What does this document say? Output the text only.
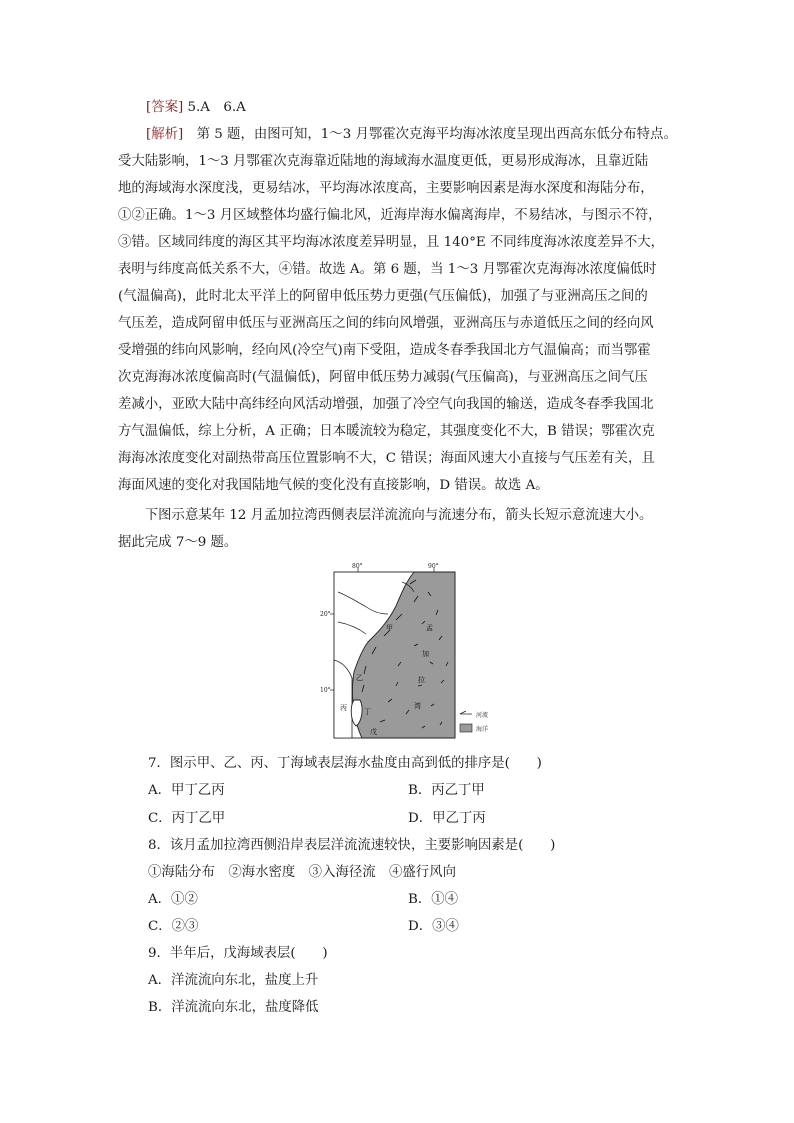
[答案] 5.A　6.A
[解析]　第 5 题，由图可知，1～3 月鄂霍次克海平均海冰浓度呈现出西高东低分布特点。
受大陆影响，1～3 月鄂霍次克海靠近陆地的海域海水温度更低，更易形成海冰，且靠近陆
地的海域海水深度浅，更易结冰，平均海冰浓度高，主要影响因素是海水深度和海陆分布，
①②正确。1～3 月区域整体均盛行偏北风，近海岸海水偏离海岸，不易结冰，与图示不符，
③错。区域同纬度的海区其平均海冰浓度差异明显，且 140°E 不同纬度海冰浓度差异不大，
表明与纬度高低关系不大，④错。故选 A。第 6 题，当 1～3 月鄂霍次克海海冰浓度偏低时
(气温偏高)，此时北太平洋上的阿留申低压势力更强(气压偏低)，加强了与亚洲高压之间的
气压差，造成阿留申低压与亚洲高压之间的纬向风增强，亚洲高压与赤道低压之间的经向风
受增强的纬向风影响，经向风(冷空气)南下受阻，造成冬春季我国北方气温偏高；而当鄂霍
次克海海冰浓度偏高时(气温偏低)，阿留申低压势力减弱(气压偏高)，与亚洲高压之间气压
差减小，亚欧大陆中高纬经向风活动增强，加强了冷空气向我国的输送，造成冬春季我国北
方气温偏低，综上分析，A 正确；日本暖流较为稳定，其强度变化不大，B 错误；鄂霍次克
海海冰浓度变化对副热带高压位置影响不大，C 错误；海面风速大小直接与气压差有关，且
海面风速的变化对我国陆地气候的变化没有直接影响，D 错误。故选 A。
　　下图示意某年 12 月孟加拉湾西侧表层洋流流向与流速分布，箭头长短示意流速大小。
据此完成 7～9 题。
80°	90°
20°
10°
甲
乙
丙 丁
戊
孟
加
拉
湾
河流
海洋
7．图示甲、乙、丙、丁海域表层海水盐度由高到低的排序是(　　)
A．甲丁乙丙	B．丙乙丁甲
C．丙丁乙甲	D．甲乙丁丙
8．该月孟加拉湾西侧沿岸表层洋流流速较快，主要影响因素是(　　)
①海陆分布　②海水密度　③入海径流　④盛行风向
A．①②	B．①④
C．②③	D．③④
9．半年后，戊海域表层(　　)
A．洋流流向东北，盐度上升
B．洋流流向东北，盐度降低
